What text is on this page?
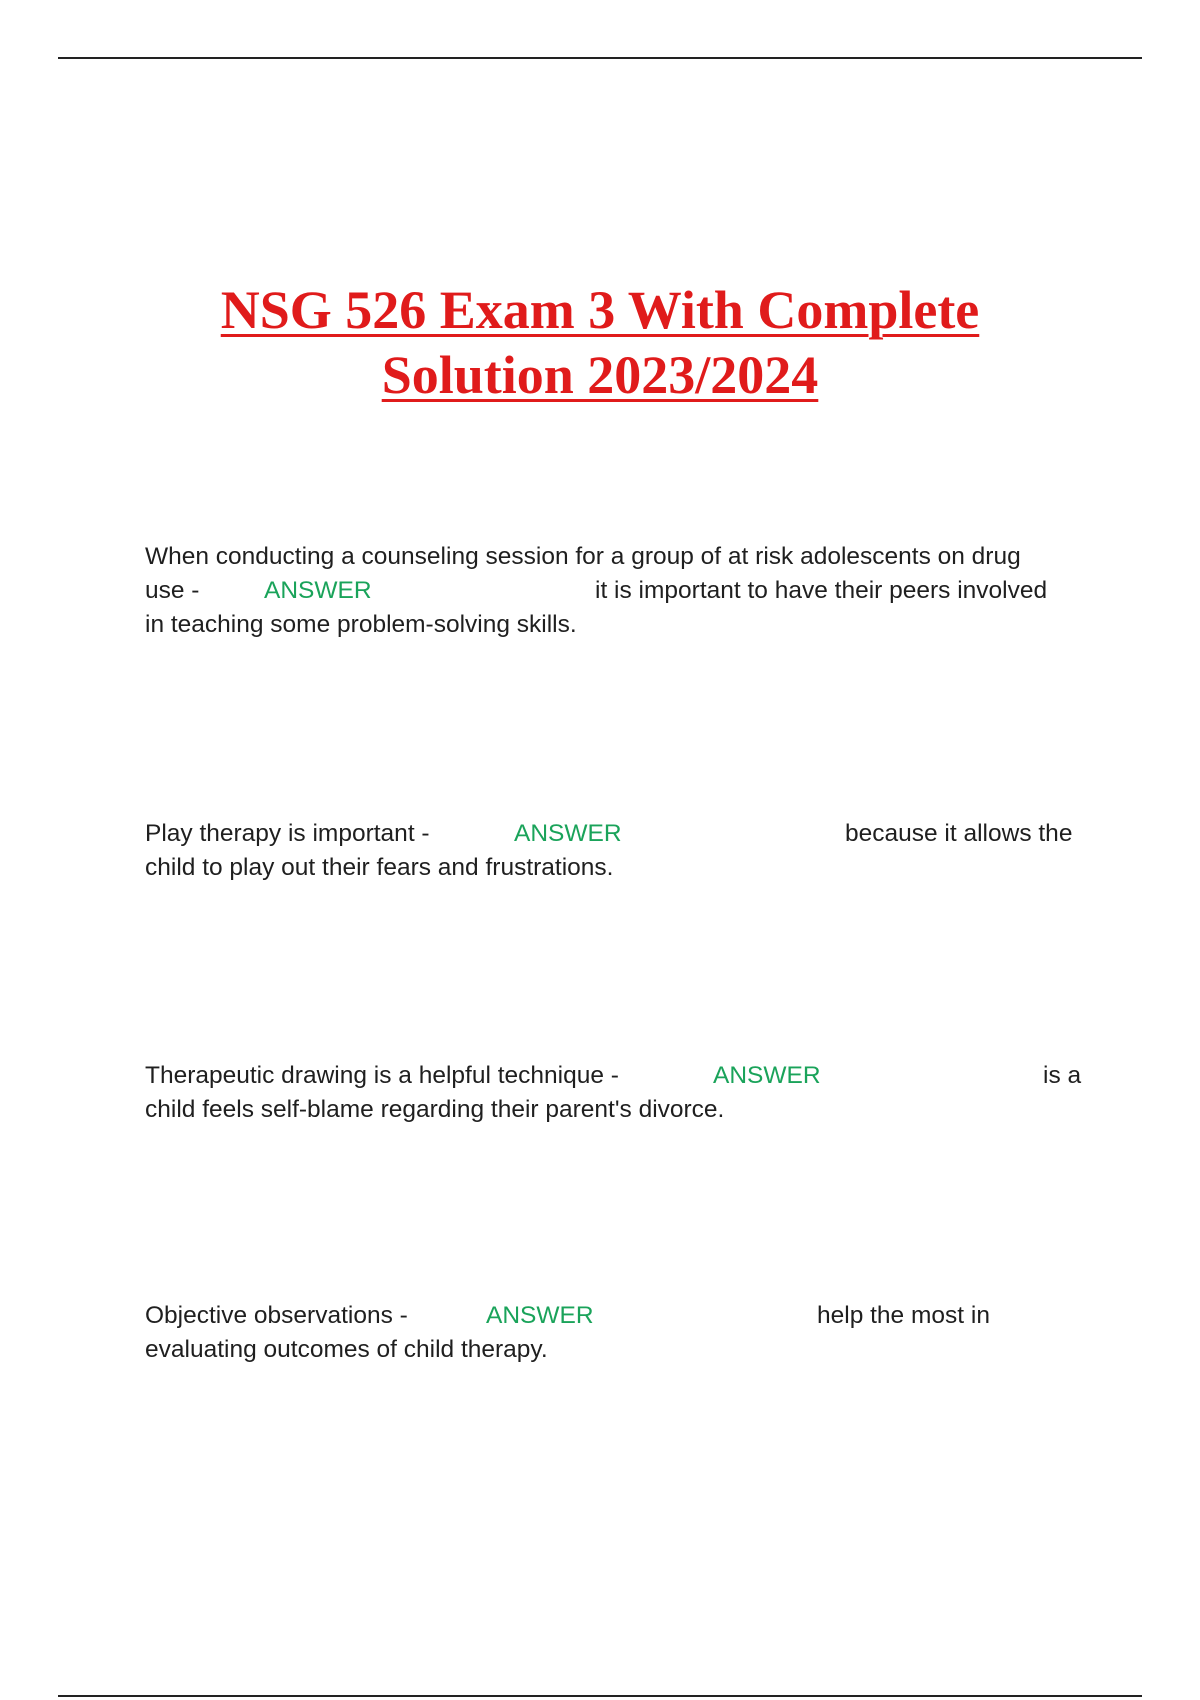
NSG 526 Exam 3 With Complete
Solution 2023/2024
When conducting a counseling session for a group of at risk adolescents on drug
use -	ANSWER	it is important to have their peers involved
in teaching some problem-solving skills.
Play therapy is important -	ANSWER	because it allows the
child to play out their fears and frustrations.
Therapeutic drawing is a helpful technique -	ANSWER	is a
child feels self-blame regarding their parent's divorce.
Objective observations -	ANSWER	help the most in
evaluating outcomes of child therapy.
